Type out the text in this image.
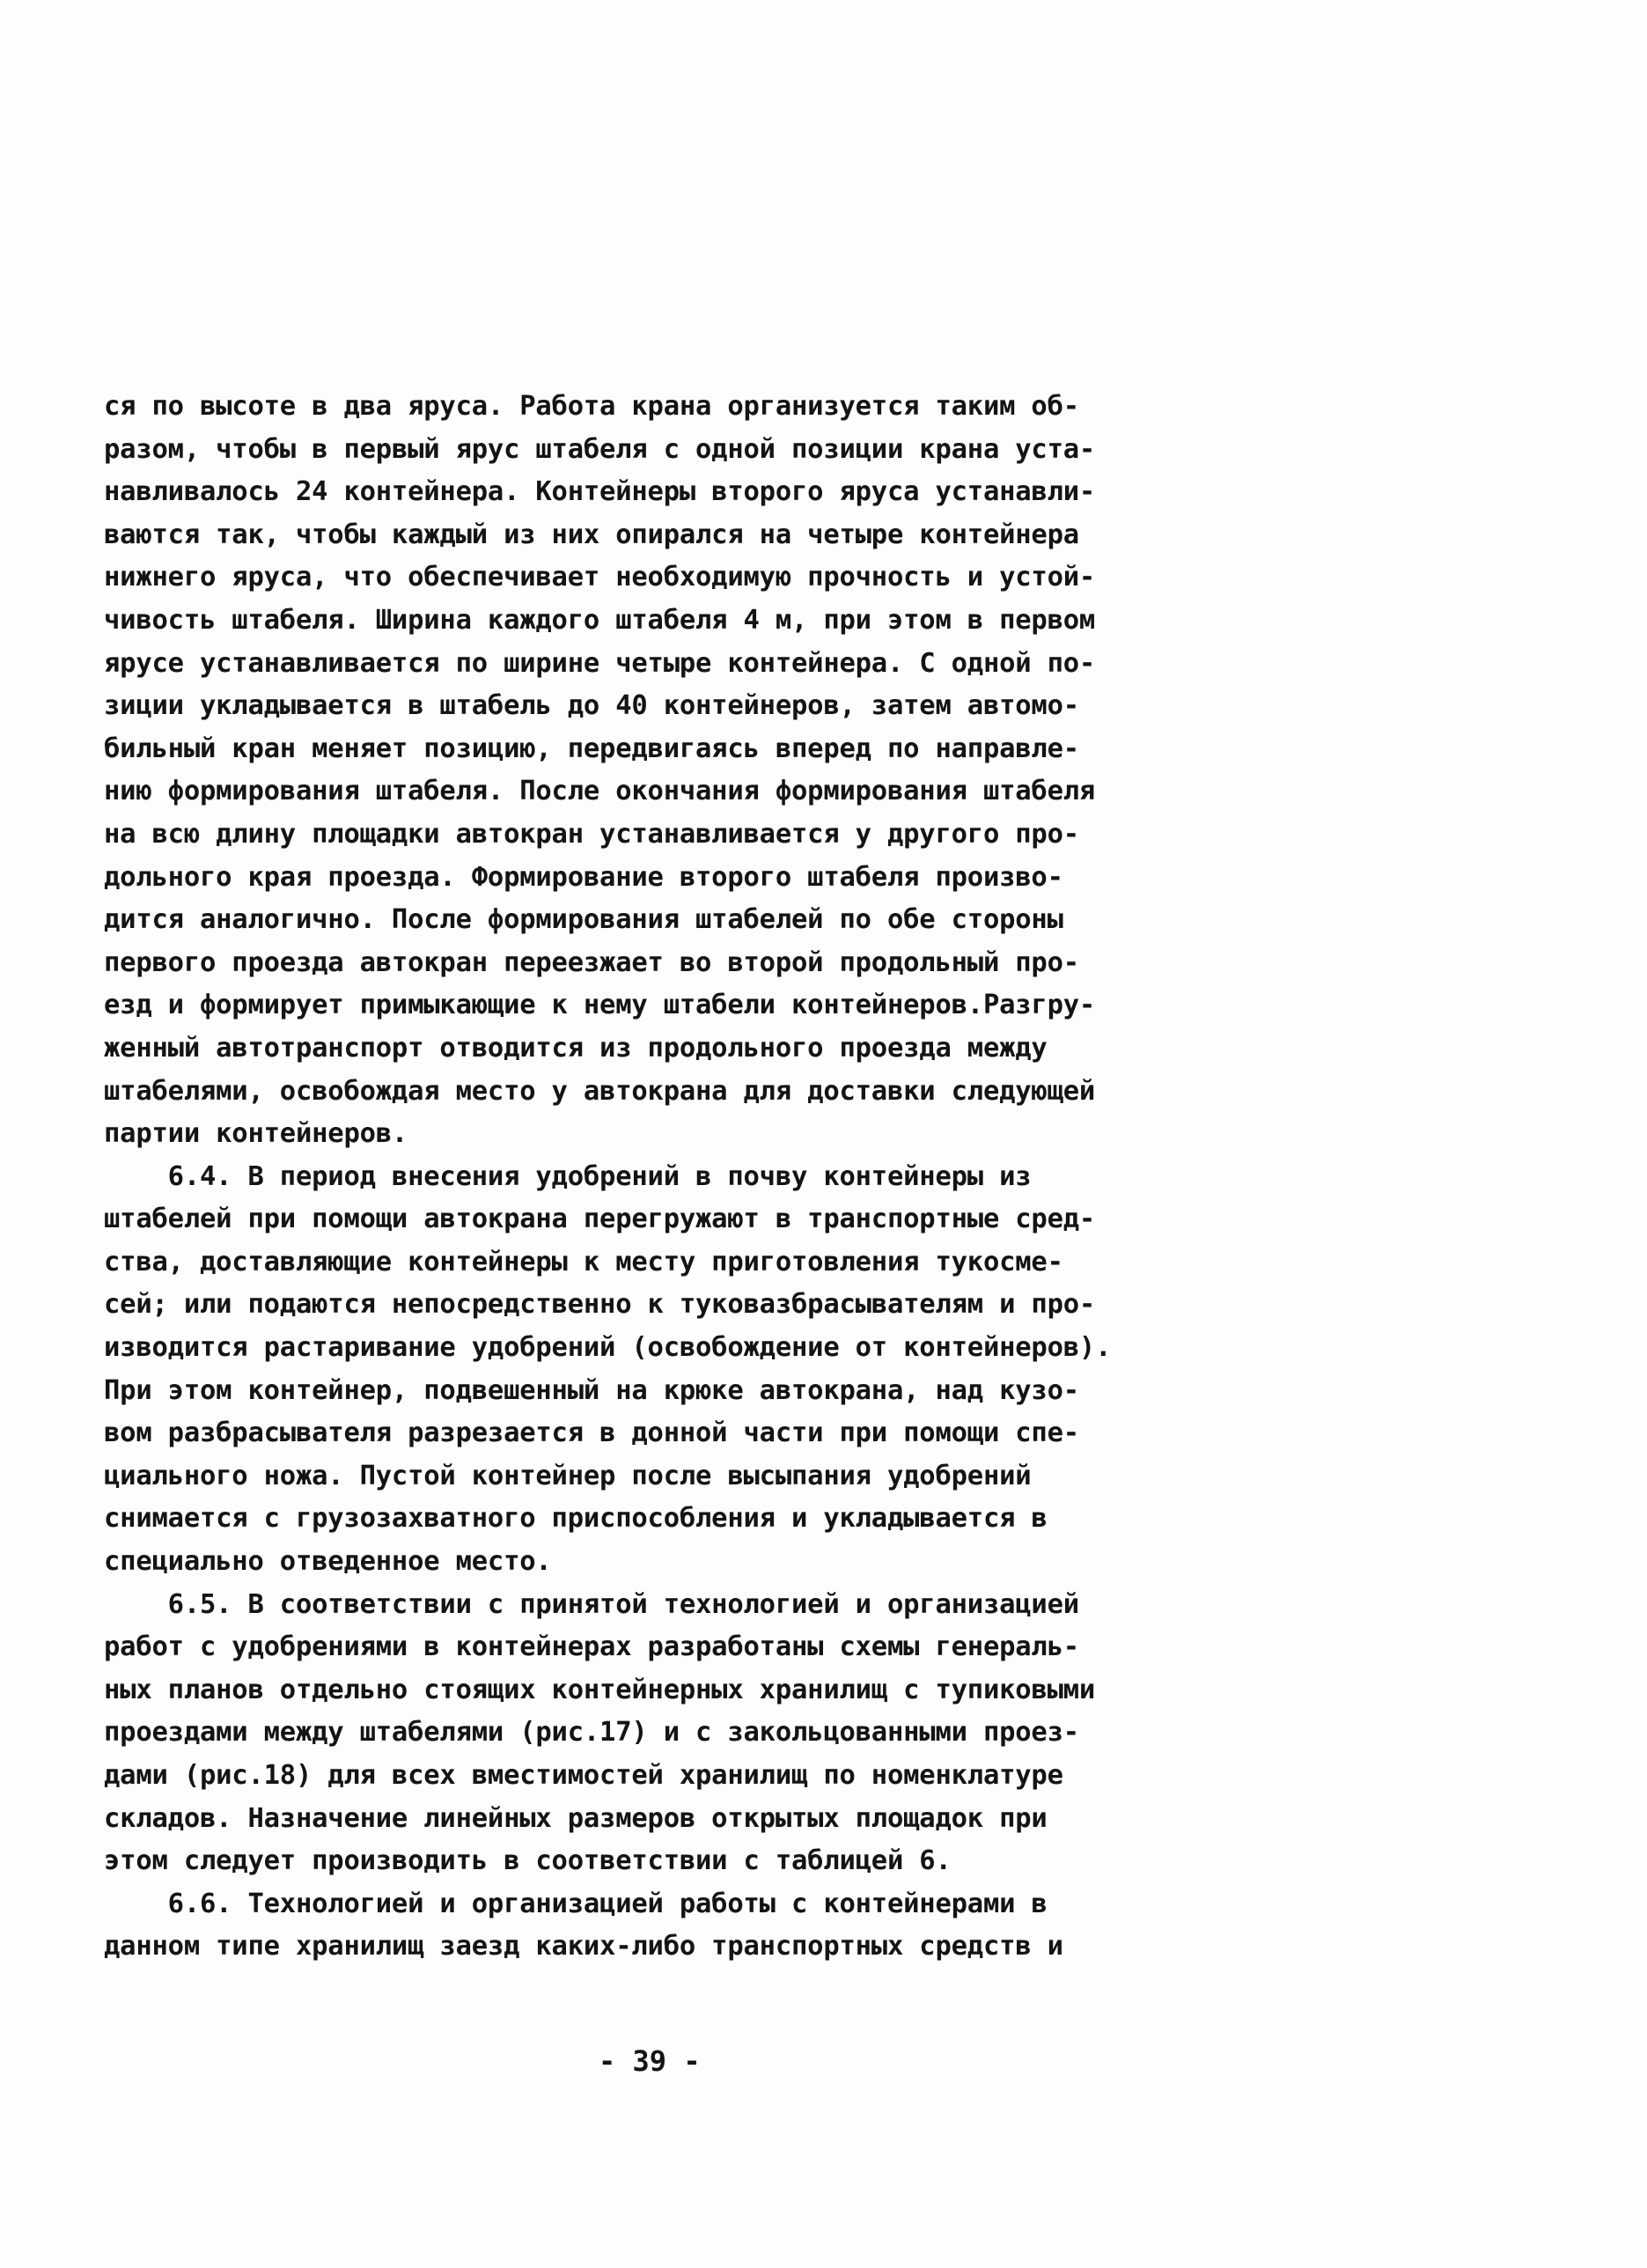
ся по высоте в два яруса. Работа крана организуется таким об-
разом, чтобы в первый ярус штабеля с одной позиции крана уста-
навливалось 24 контейнера. Контейнеры второго яруса устанавли-
ваются так, чтобы каждый из них опирался на четыре контейнера
нижнего яруса, что обеспечивает необходимую прочность и устой-
чивость штабеля. Ширина каждого штабеля 4 м, при этом в первом
ярусе устанавливается по ширине четыре контейнера. С одной по-
зиции укладывается в штабель до 40 контейнеров, затем автомо-
бильный кран меняет позицию, передвигаясь вперед по направле-
нию формирования штабеля. После окончания формирования штабеля
на всю длину площадки автокран устанавливается у другого про-
дольного края проезда. Формирование второго штабеля произво-
дится аналогично. После формирования штабелей по обе стороны
первого проезда автокран переезжает во второй продольный про-
езд и формирует примыкающие к нему штабели контейнеров.Разгру-
женный автотранспорт отводится из продольного проезда между
штабелями, освобождая место у автокрана для доставки следующей
партии контейнеров.
6.4. В период внесения удобрений в почву контейнеры из
штабелей при помощи автокрана перегружают в транспортные сред-
ства, доставляющие контейнеры к месту приготовления тукосме-
сей; или подаются непосредственно к туковазбрасывателям и про-
изводится растаривание удобрений (освобождение от контейнеров).
При этом контейнер, подвешенный на крюке автокрана, над кузо-
вом разбрасывателя разрезается в донной части при помощи спе-
циального ножа. Пустой контейнер после высыпания удобрений
снимается с грузозахватного приспособления и укладывается в
специально отведенное место.
6.5. В соответствии с принятой технологией и организацией
работ с удобрениями в контейнерах разработаны схемы генераль-
ных планов отдельно стоящих контейнерных хранилищ с тупиковыми
проездами между штабелями (рис.17) и с закольцованными проез-
дами (рис.18) для всех вместимостей хранилищ по номенклатуре
складов. Назначение линейных размеров открытых площадок при
этом следует производить в соответствии с таблицей 6.
6.6. Технологией и организацией работы с контейнерами в
данном типе хранилищ заезд каких-либо транспортных средств и
- 39 -
